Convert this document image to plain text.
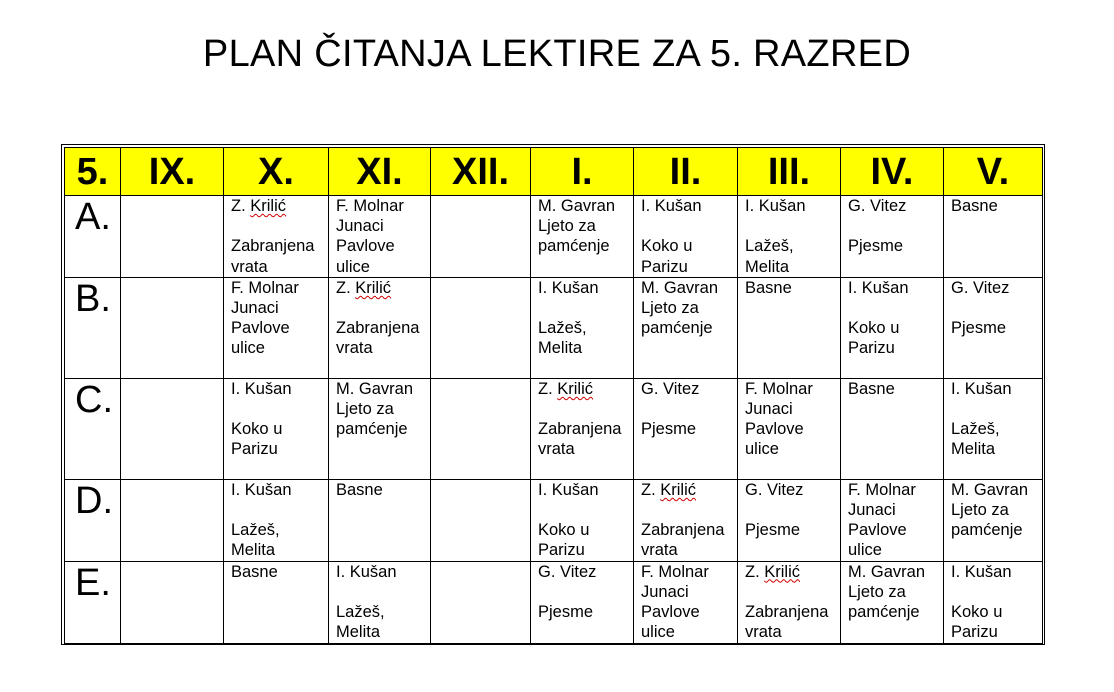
PLAN ČITANJA LEKTIRE ZA 5. RAZRED
5.	IX.	X.	XI.	XII.	I.	II.	III.	IV.	V.
A.		Z. Krilić
Zabranjena
vrata	F. Molnar
Junaci
Pavlove
ulice		M. Gavran
Ljeto za
pamćenje	I. Kušan
Koko u
Parizu	I. Kušan
Lažeš,
Melita	G. Vitez
Pjesme	Basne

B.		F. Molnar
Junaci
Pavlove
ulice	Z. Krilić
Zabranjena
vrata		I. Kušan
Lažeš,
Melita	M. Gavran
Ljeto za
pamćenje	Basne	I. Kušan
Koko u
Parizu	G. Vitez
Pjesme

C.		I. Kušan
Koko u
Parizu	M. Gavran
Ljeto za
pamćenje		Z. Krilić
Zabranjena
vrata	G. Vitez
Pjesme	F. Molnar
Junaci
Pavlove
ulice	Basne	I. Kušan
Lažeš,
Melita

D.		I. Kušan
Lažeš,
Melita	Basne		I. Kušan
Koko u
Parizu	Z. Krilić
Zabranjena
vrata	G. Vitez
Pjesme	F. Molnar
Junaci
Pavlove
ulice	M. Gavran
Ljeto za
pamćenje

E.		Basne	I. Kušan
Lažeš,
Melita		G. Vitez
Pjesme	F. Molnar
Junaci
Pavlove
ulice	Z. Krilić
Zabranjena
vrata	M. Gavran
Ljeto za
pamćenje	I. Kušan
Koko u
Parizu
